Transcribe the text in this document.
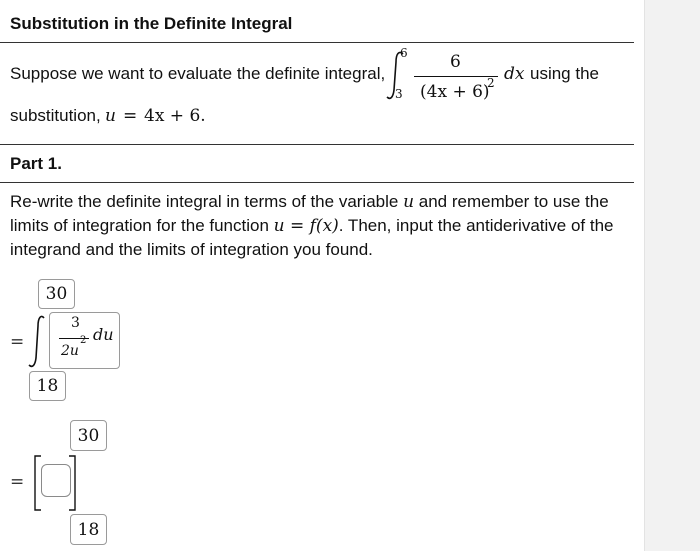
Substitution in the Definite Integral
Suppose we want to evaluate the definite integral,
6
3
6
(4x + 6)
2 dx using the
substitution, u = 4x + 6.
Part 1.
Re-write the definite integral in terms of the variable u and remember to use the limits of integration for the function u = f(x). Then, input the antiderivative of the integrand and the limits of integration you found.
30
=
3
2u
2 du
18
30
=
18
